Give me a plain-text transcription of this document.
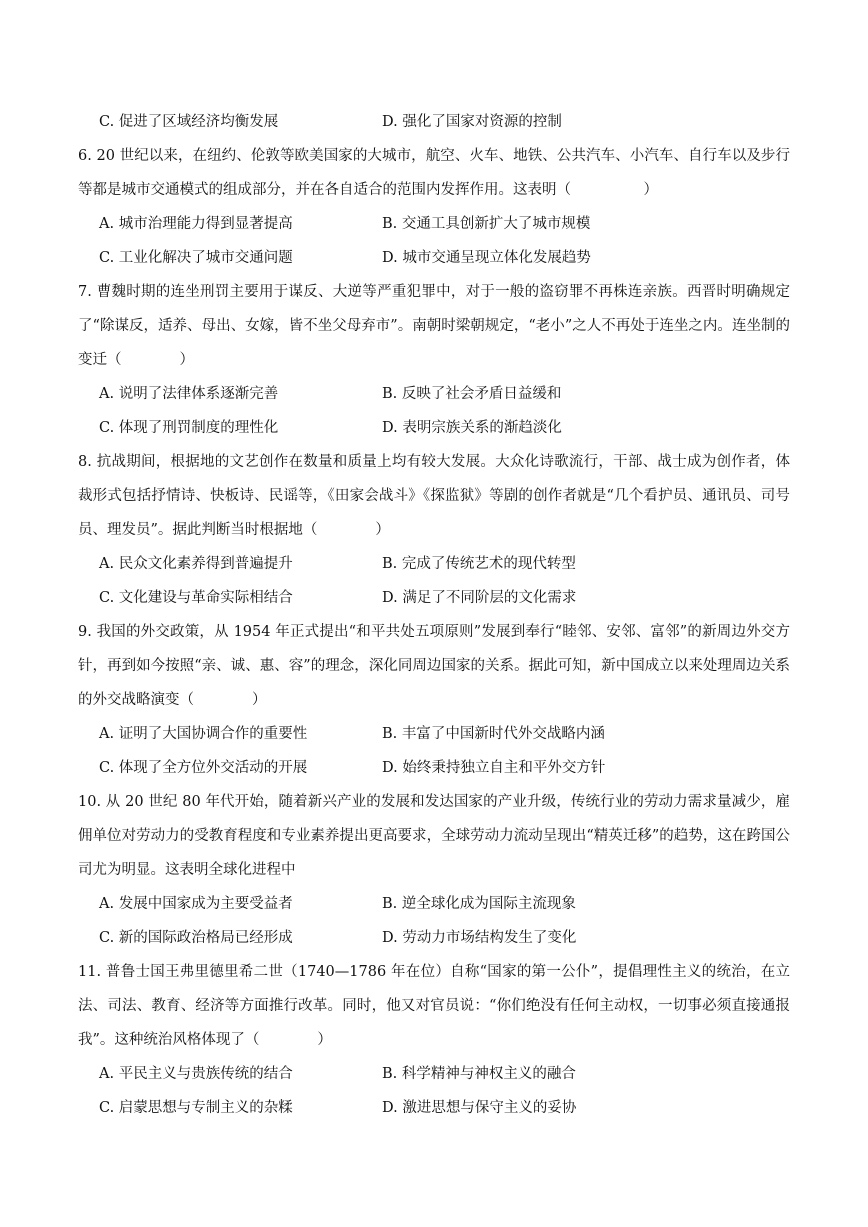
C. 促进了区域经济均衡发展	D. 强化了国家对资源的控制
6. 20 世纪以来，在纽约、伦敦等欧美国家的大城市，航空、火车、地铁、公共汽车、小汽车、自行车以及步行等都是城市交通模式的组成部分，并在各自适合的范围内发挥作用。这表明（　　　　　）
A. 城市治理能力得到显著提高	B. 交通工具创新扩大了城市规模
C. 工业化解决了城市交通问题	D. 城市交通呈现立体化发展趋势
7. 曹魏时期的连坐刑罚主要用于谋反、大逆等严重犯罪中，对于一般的盗窃罪不再株连亲族。西晋时明确规定了“除谋反，适养、母出、女嫁，皆不坐父母弃市”。南朝时梁朝规定，“老小”之人不再处于连坐之内。连坐制的变迁（　　　　）
A. 说明了法律体系逐渐完善	B. 反映了社会矛盾日益缓和
C. 体现了刑罚制度的理性化	D. 表明宗族关系的渐趋淡化
8. 抗战期间，根据地的文艺创作在数量和质量上均有较大发展。大众化诗歌流行，干部、战士成为创作者，体裁形式包括抒情诗、快板诗、民谣等，《田家会战斗》《探监狱》等剧的创作者就是“几个看护员、通讯员、司号员、理发员”。据此判断当时根据地（　　　　）
A. 民众文化素养得到普遍提升	B. 完成了传统艺术的现代转型
C. 文化建设与革命实际相结合	D. 满足了不同阶层的文化需求
9. 我国的外交政策，从 1954 年正式提出“和平共处五项原则”发展到奉行“睦邻、安邻、富邻”的新周边外交方针，再到如今按照“亲、诚、惠、容”的理念，深化同周边国家的关系。据此可知，新中国成立以来处理周边关系的外交战略演变（　　　　）
A. 证明了大国协调合作的重要性	B. 丰富了中国新时代外交战略内涵
C. 体现了全方位外交活动的开展	D. 始终秉持独立自主和平外交方针
10. 从 20 世纪 80 年代开始，随着新兴产业的发展和发达国家的产业升级，传统行业的劳动力需求量减少，雇佣单位对劳动力的受教育程度和专业素养提出更高要求，全球劳动力流动呈现出“精英迁移”的趋势，这在跨国公司尤为明显。这表明全球化进程中
A. 发展中国家成为主要受益者	B. 逆全球化成为国际主流现象
C. 新的国际政治格局已经形成	D. 劳动力市场结构发生了变化
11. 普鲁士国王弗里德里希二世（1740—1786 年在位）自称“国家的第一公仆”，提倡理性主义的统治，在立法、司法、教育、经济等方面推行改革。同时，他又对官员说：“你们绝没有任何主动权，一切事必须直接通报我”。这种统治风格体现了（　　　　）
A. 平民主义与贵族传统的结合	B. 科学精神与神权主义的融合
C. 启蒙思想与专制主义的杂糅	D. 激进思想与保守主义的妥协
